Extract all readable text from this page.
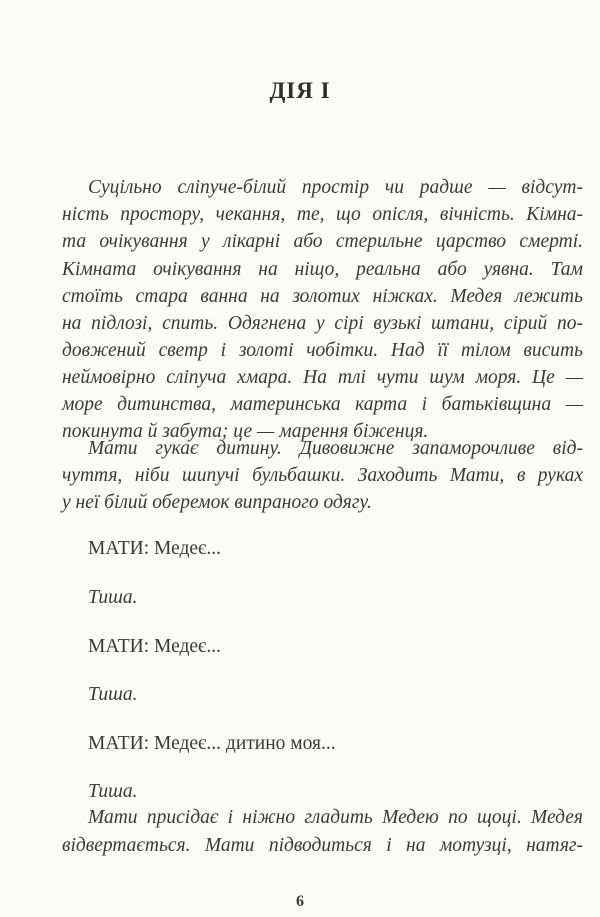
ДІЯ І
Суцільно сліпуче-білий простір чи радше — відсут-
ність простору, чекання, те, що опісля, вічність. Кімна-
та очікування у лікарні або стерильне царство смерті.
Кімната очікування на ніщо, реальна або уявна. Там
стоїть стара ванна на золотих ніжках. Медея лежить
на підлозі, спить. Одягнена у сірі вузькі штани, сірий по-
довжений светр і золоті чобітки. Над її тілом висить
неймовірно сліпуча хмара. На тлі чути шум моря. Це —
море дитинства, материнська карта і батьківщина —
покинута й забута; це — марення біженця.
Мати гукає дитину. Дивовижне запаморочливе від-
чуття, ніби шипучі бульбашки. Заходить Мати, в руках
у неї білий оберемок випраного одягу.
МАТИ: Медеє...
Тиша.
МАТИ: Медеє...
Тиша.
МАТИ: Медеє... дитино моя...
Тиша.
Мати присідає і ніжно гладить Медею по щоці. Медея
відвертається. Мати підводиться і на мотузці, натяг-
6
